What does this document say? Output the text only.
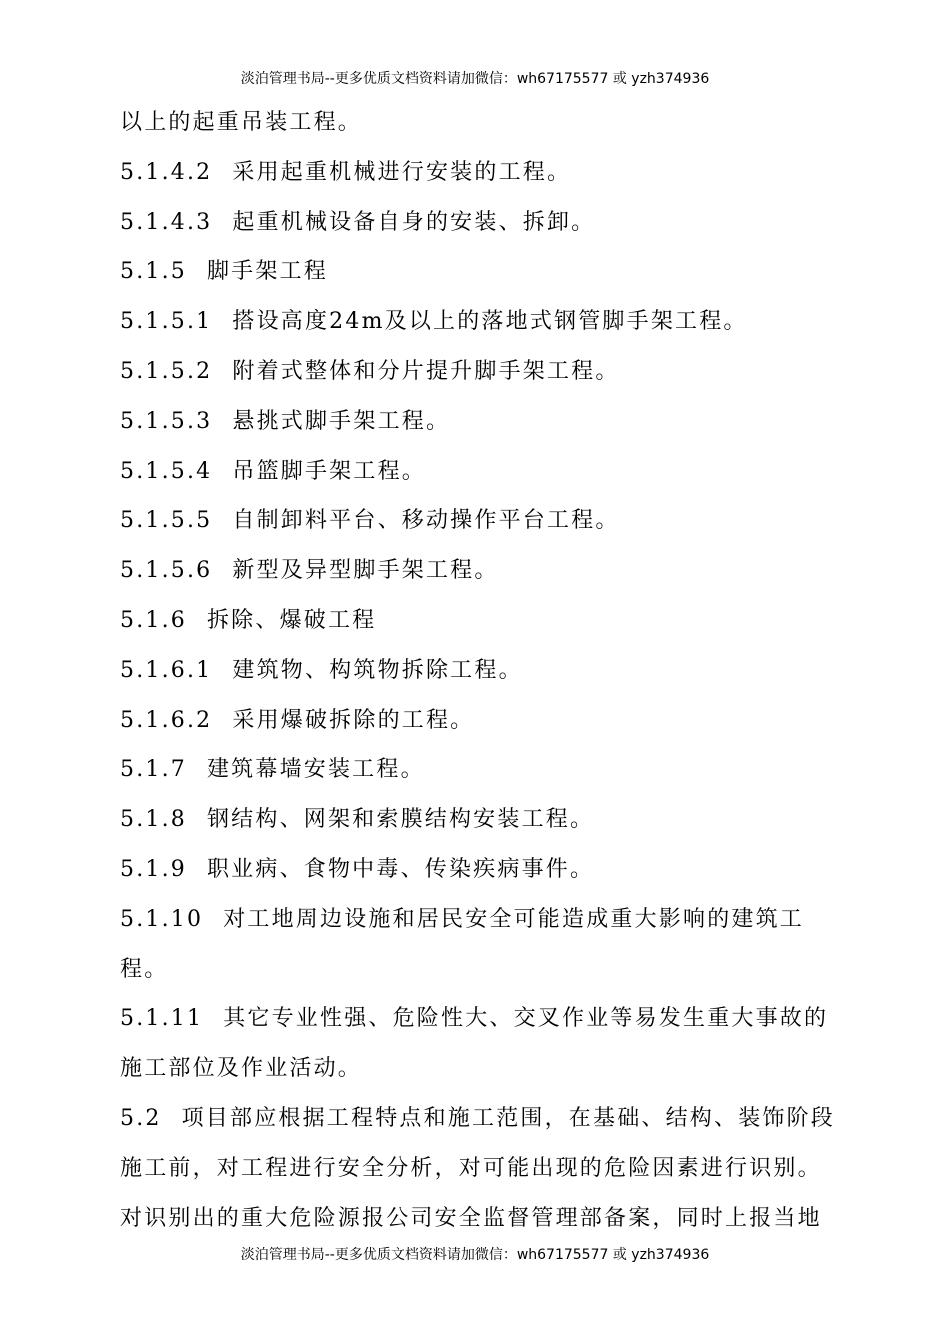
淡泊管理书局--更多优质文档资料请加微信：wh67175577 或 yzh374936

以上的起重吊装工程。

5.1.4.2 采用起重机械进行安装的工程。

5.1.4.3 起重机械设备自身的安装、拆卸。

5.1.5 脚手架工程

5.1.5.1 搭设高度24m及以上的落地式钢管脚手架工程。

5.1.5.2 附着式整体和分片提升脚手架工程。

5.1.5.3 悬挑式脚手架工程。

5.1.5.4 吊篮脚手架工程。

5.1.5.5 自制卸料平台、移动操作平台工程。

5.1.5.6 新型及异型脚手架工程。

5.1.6 拆除、爆破工程

5.1.6.1 建筑物、构筑物拆除工程。

5.1.6.2 采用爆破拆除的工程。

5.1.7 建筑幕墙安装工程。

5.1.8 钢结构、网架和索膜结构安装工程。

5.1.9 职业病、食物中毒、传染疾病事件。

5.1.10 对工地周边设施和居民安全可能造成重大影响的建筑工

程。

5.1.11 其它专业性强、危险性大、交叉作业等易发生重大事故的

施工部位及作业活动。

5.2 项目部应根据工程特点和施工范围，在基础、结构、装饰阶段

施工前，对工程进行安全分析，对可能出现的危险因素进行识别。

对识别出的重大危险源报公司安全监督管理部备案，同时上报当地

淡泊管理书局--更多优质文档资料请加微信：wh67175577 或 yzh374936
